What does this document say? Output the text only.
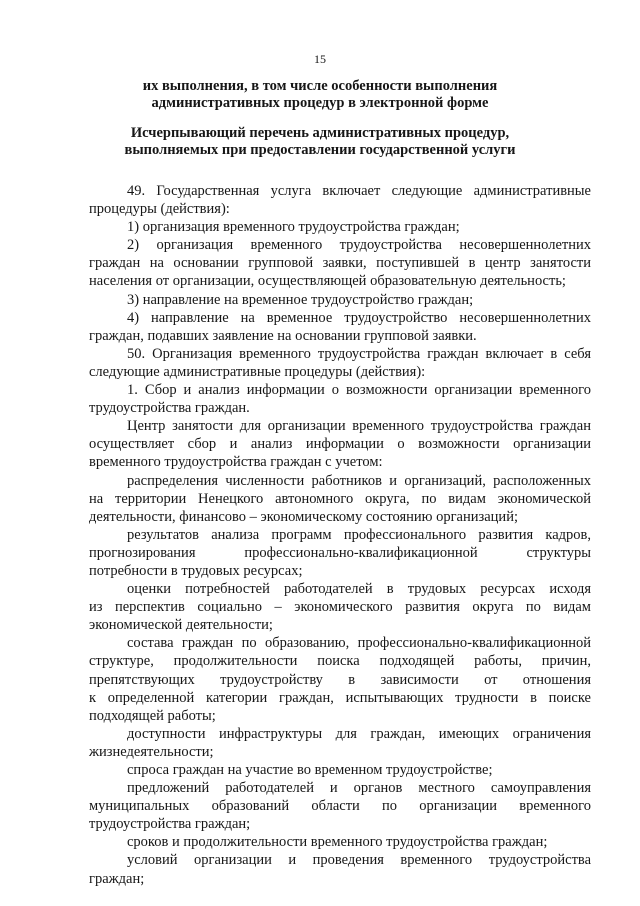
15
их выполнения, в том числе особенности выполнения
административных процедур в электронной форме
Исчерпывающий перечень административных процедур,
выполняемых при предоставлении государственной услуги

49. Государственная услуга включает следующие административные

процедуры (действия):

1) организация временного трудоустройства граждан;

2) организация временного трудоустройства несовершеннолетних

граждан на основании групповой заявки, поступившей в центр занятости

населения от организации, осуществляющей образовательную деятельность;

3) направление на временное трудоустройство граждан;

4) направление на временное трудоустройство несовершеннолетних

граждан, подавших заявление на основании групповой заявки.

50. Организация временного трудоустройства граждан включает в себя

следующие административные процедуры (действия):

1. Сбор и анализ информации о возможности организации временного

трудоустройства граждан.

Центр занятости для организации временного трудоустройства граждан

осуществляет сбор и анализ информации о возможности организации

временного трудоустройства граждан с учетом:

распределения численности работников и организаций, расположенных

на территории Ненецкого автономного округа, по видам экономической

деятельности, финансово – экономическому состоянию организаций;

результатов анализа программ профессионального развития кадров,

прогнозирования профессионально-квалификационной структуры

потребности в трудовых ресурсах;

оценки потребностей работодателей в трудовых ресурсах исходя

из перспектив социально – экономического развития округа по видам

экономической деятельности;

состава граждан по образованию, профессионально-квалификационной

структуре, продолжительности поиска подходящей работы, причин,

препятствующих трудоустройству в зависимости от отношения

к определенной категории граждан, испытывающих трудности в поиске

подходящей работы;

доступности инфраструктуры для граждан, имеющих ограничения

жизнедеятельности;

спроса граждан на участие во временном трудоустройстве;

предложений работодателей и органов местного самоуправления

муниципальных образований области по организации временного

трудоустройства граждан;

сроков и продолжительности временного трудоустройства граждан;

условий организации и проведения временного трудоустройства

граждан;
